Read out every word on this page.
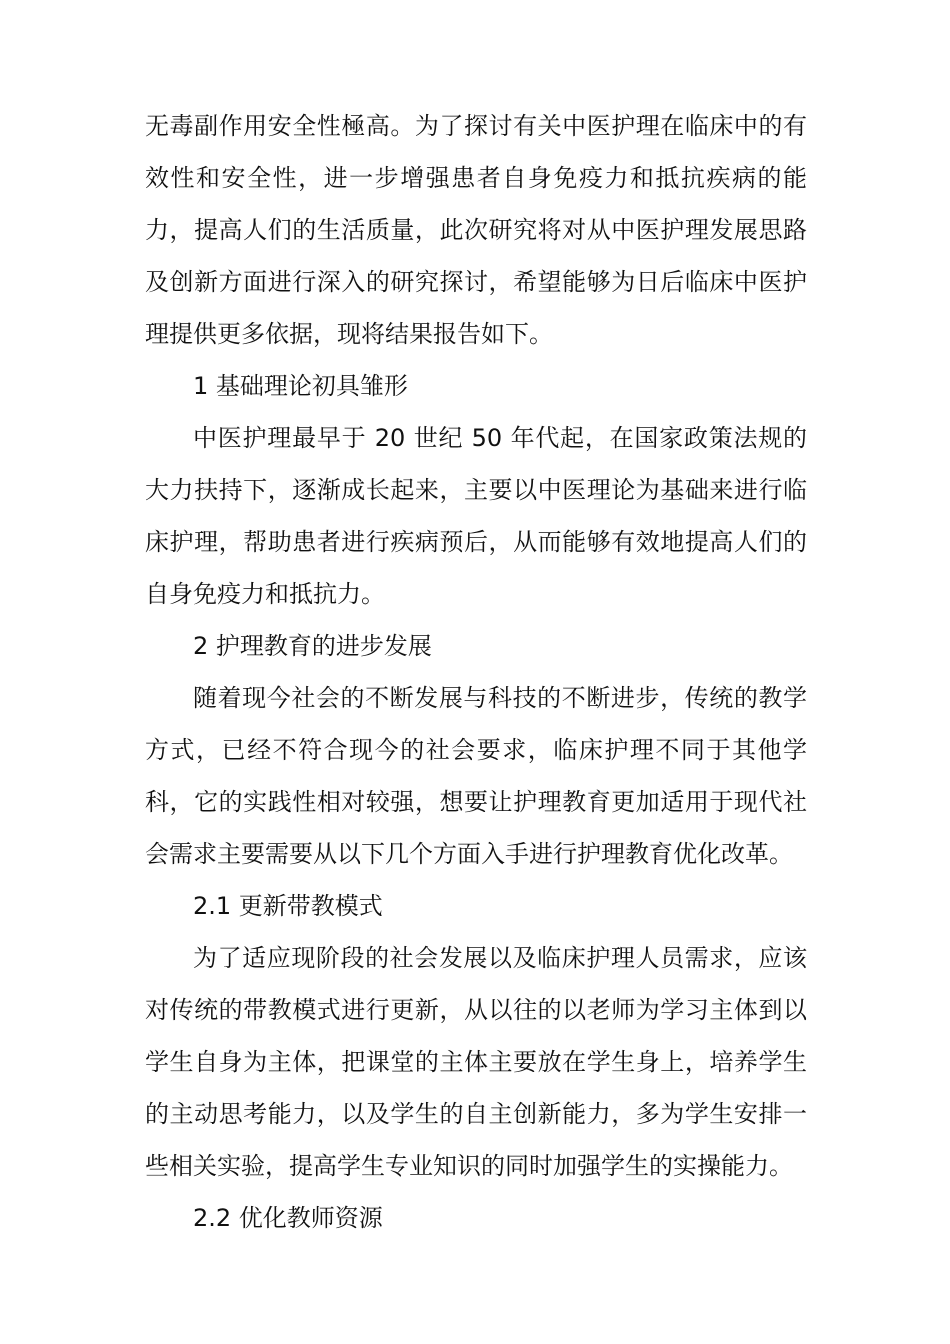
无毒副作用安全性極高。为了探讨有关中医护理在临床中的有效性和安全性，进一步增强患者自身免疫力和抵抗疾病的能力，提高人们的生活质量，此次研究将对从中医护理发展思路及创新方面进行深入的研究探讨，希望能够为日后临床中医护理提供更多依据，现将结果报告如下。

1 基础理论初具雏形

中医护理最早于 20 世纪 50 年代起，在国家政策法规的大力扶持下，逐渐成长起来，主要以中医理论为基础来进行临床护理，帮助患者进行疾病预后，从而能够有效地提高人们的自身免疫力和抵抗力。

2 护理教育的进步发展

随着现今社会的不断发展与科技的不断进步，传统的教学方式，已经不符合现今的社会要求，临床护理不同于其他学科，它的实践性相对较强，想要让护理教育更加适用于现代社会需求主要需要从以下几个方面入手进行护理教育优化改革。

2.1 更新带教模式

为了适应现阶段的社会发展以及临床护理人员需求，应该对传统的带教模式进行更新，从以往的以老师为学习主体到以学生自身为主体，把课堂的主体主要放在学生身上，培养学生的主动思考能力，以及学生的自主创新能力，多为学生安排一些相关实验，提高学生专业知识的同时加强学生的实操能力。

2.2 优化教师资源
